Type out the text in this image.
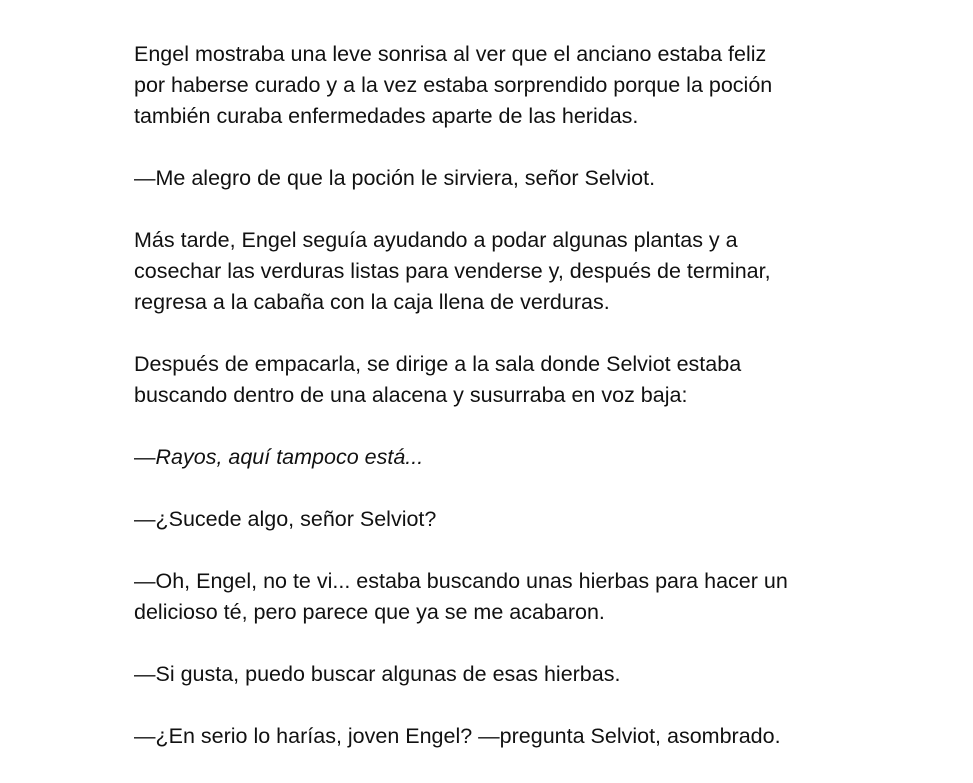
Engel mostraba una leve sonrisa al ver que el anciano estaba feliz
por haberse curado y a la vez estaba sorprendido porque la poción
también curaba enfermedades aparte de las heridas.

—Me alegro de que la poción le sirviera, señor Selviot.

Más tarde, Engel seguía ayudando a podar algunas plantas y a
cosechar las verduras listas para venderse y, después de terminar,
regresa a la cabaña con la caja llena de verduras.

Después de empacarla, se dirige a la sala donde Selviot estaba
buscando dentro de una alacena y susurraba en voz baja:

—Rayos, aquí tampoco está...

—¿Sucede algo, señor Selviot?

—Oh, Engel, no te vi... estaba buscando unas hierbas para hacer un
delicioso té, pero parece que ya se me acabaron.

—Si gusta, puedo buscar algunas de esas hierbas.

—¿En serio lo harías, joven Engel? —pregunta Selviot, asombrado.
